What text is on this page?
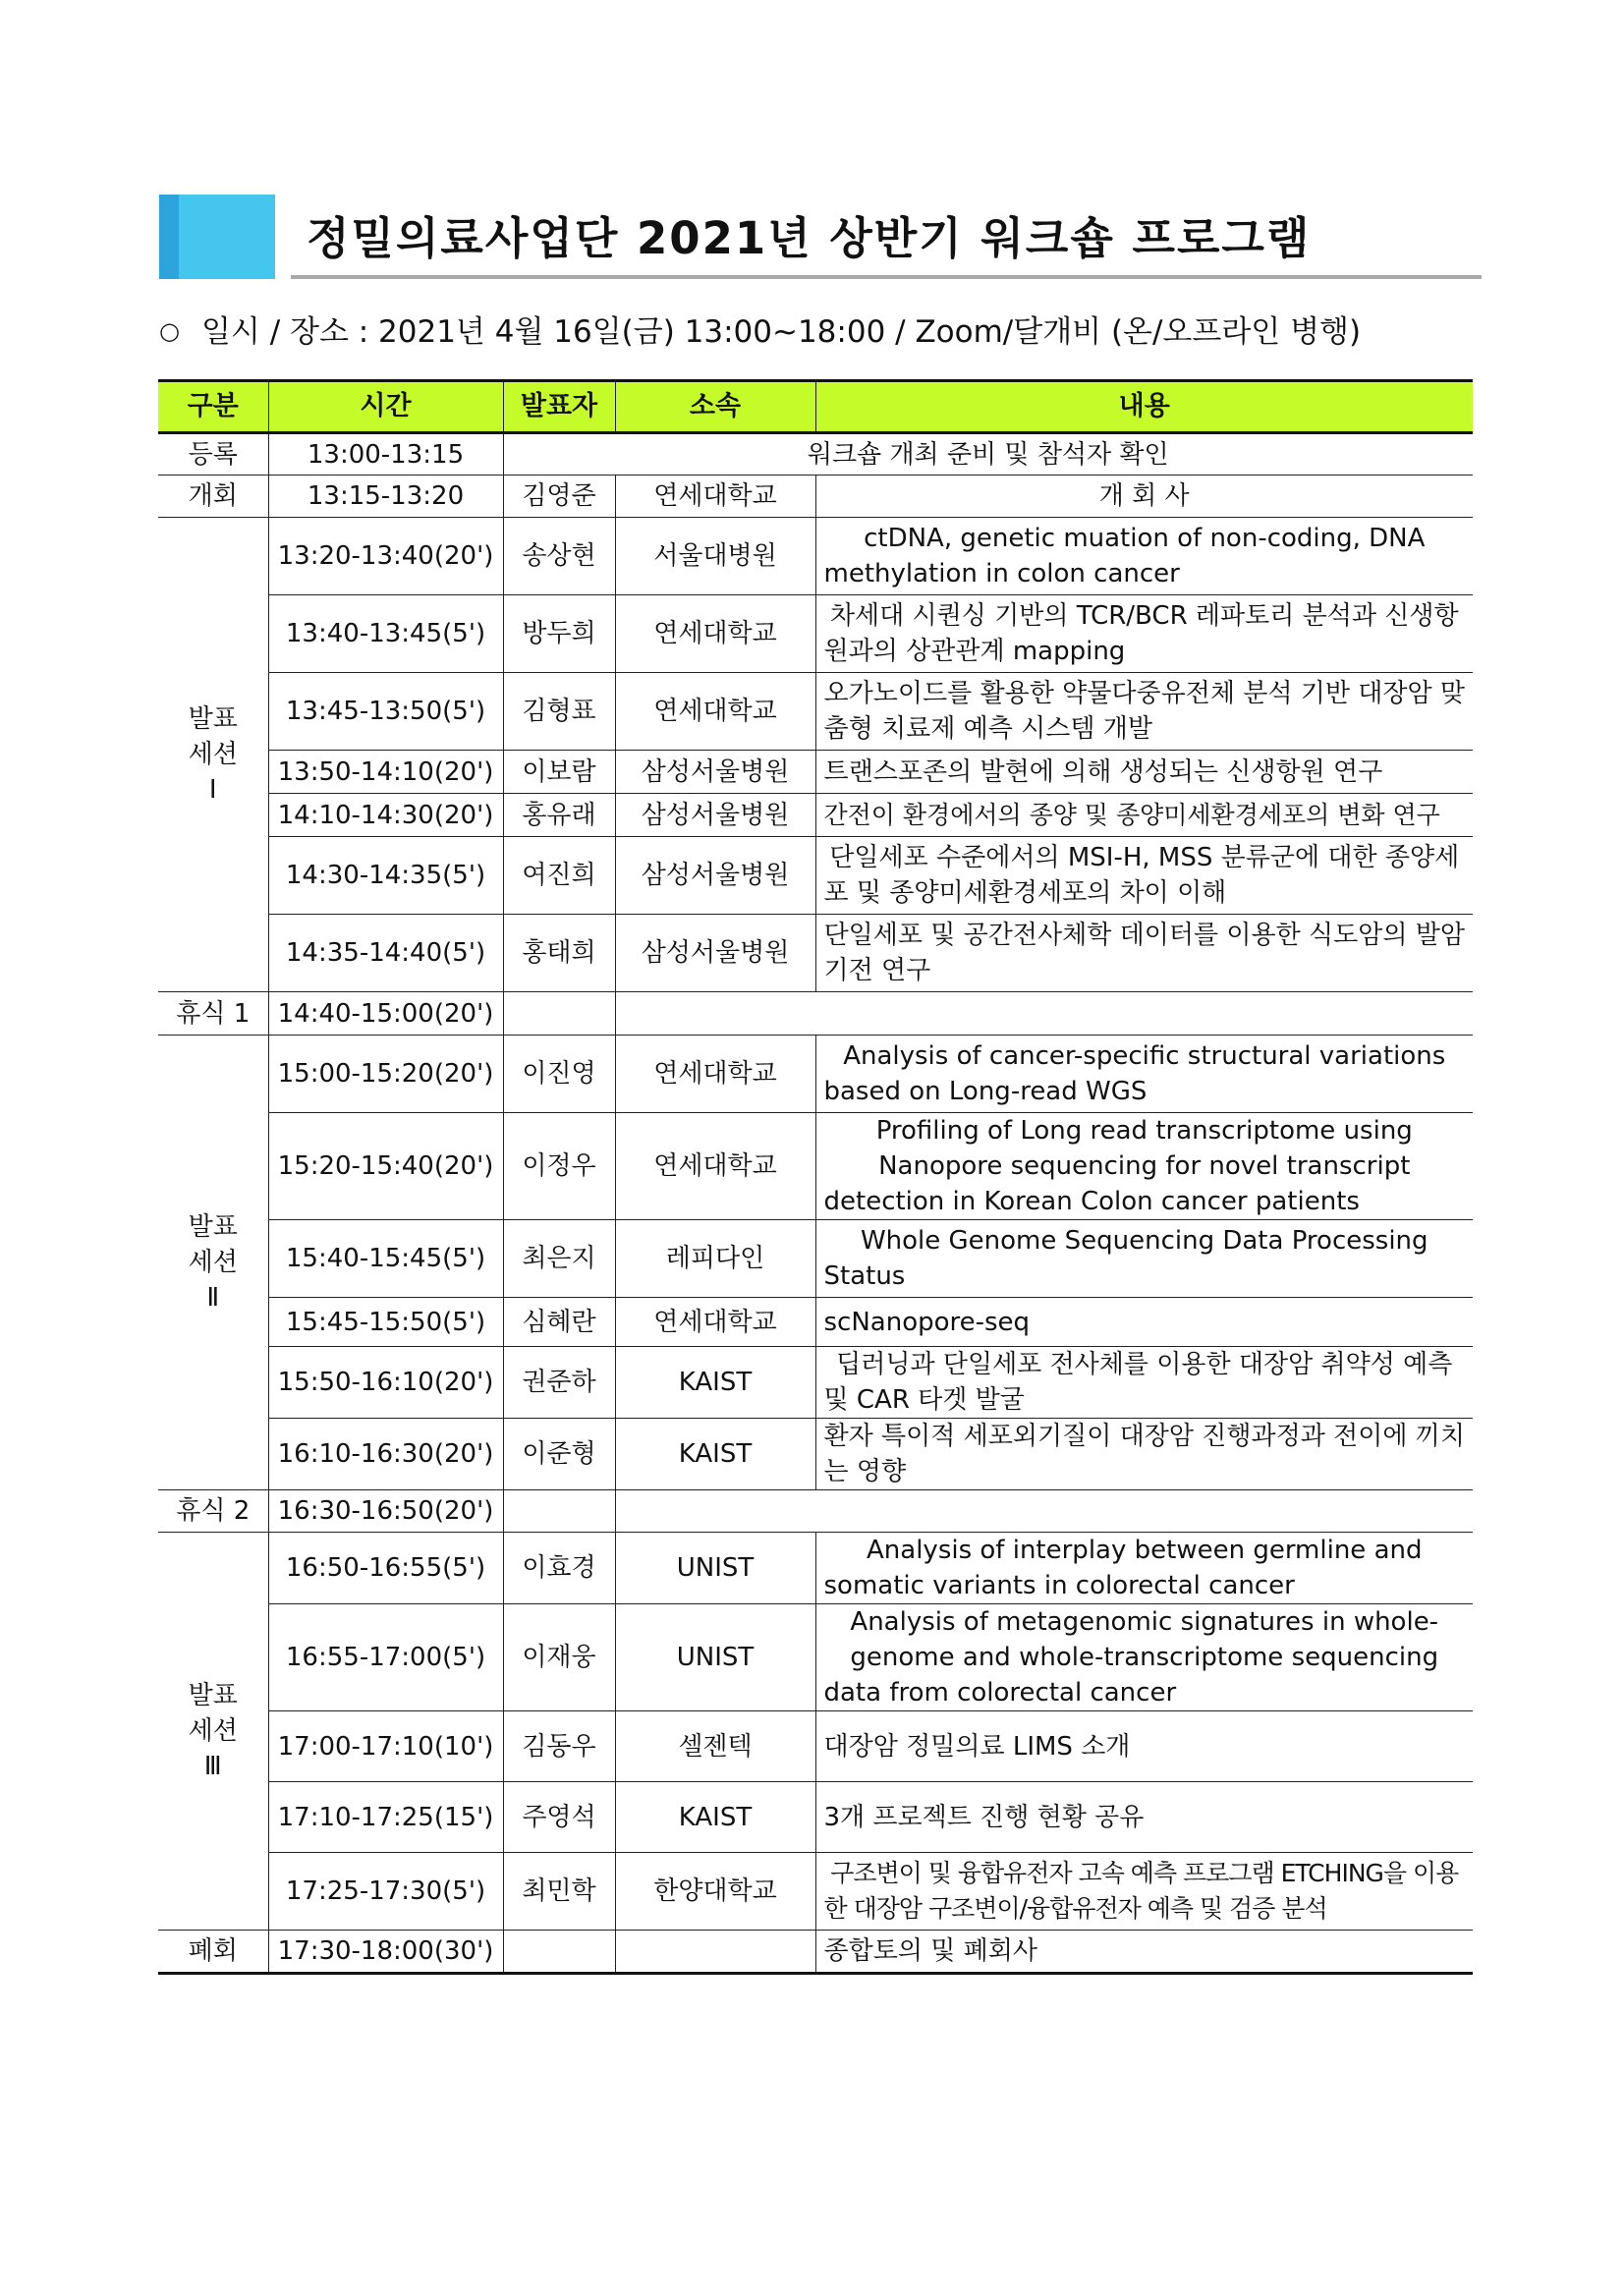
정밀의료사업단 2021년 상반기 워크숍 프로그램
○ 일시 / 장소 : 2021년 4월 16일(금) 13:00~18:00 / Zoom/달개비 (온/오프라인 병행)
구분	시간	발표자	소속	내용
등록	13:00-13:15	워크숍 개최 준비 및 참석자 확인		
개회	13:15-13:20	김영준	연세대학교	개 회 사
발표
세션
Ⅰ	13:20-13:40(20')	송상현	서울대병원	ctDNA, genetic muation of non-coding, DNA methylation in colon cancer
	13:40-13:45(5')	방두희	연세대학교	차세대 시퀀싱 기반의 TCR/BCR 레파토리 분석과 신생항원과의 상관관계 mapping
	13:45-13:50(5')	김형표	연세대학교	오가노이드를 활용한 약물다중유전체 분석 기반 대장암 맞춤형 치료제 예측 시스템 개발
	13:50-14:10(20')	이보람	삼성서울병원	트랜스포존의 발현에 의해 생성되는 신생항원 연구
	14:10-14:30(20')	홍유래	삼성서울병원	간전이 환경에서의 종양 및 종양미세환경세포의 변화 연구
	14:30-14:35(5')	여진희	삼성서울병원	단일세포 수준에서의 MSI-H, MSS 분류군에 대한 종양세포 및 종양미세환경세포의 차이 이해
	14:35-14:40(5')	홍태희	삼성서울병원	단일세포 및 공간전사체학 데이터를 이용한 식도암의 발암 기전 연구
휴식 1	14:40-15:00(20')			
발표
세션
Ⅱ	15:00-15:20(20')	이진영	연세대학교	Analysis of cancer-specific structural variations based on Long-read WGS
	15:20-15:40(20')	이정우	연세대학교	Profiling of Long read transcriptome using Nanopore sequencing for novel transcript detection in Korean Colon cancer patients
	15:40-15:45(5')	최은지	레피다인	Whole Genome Sequencing Data Processing Status
	15:45-15:50(5')	심혜란	연세대학교	scNanopore-seq
	15:50-16:10(20')	권준하	KAIST	딥러닝과 단일세포 전사체를 이용한 대장암 취약성 예측 및 CAR 타겟 발굴
	16:10-16:30(20')	이준형	KAIST	환자 특이적 세포외기질이 대장암 진행과정과 전이에 끼치는 영향
휴식 2	16:30-16:50(20')			
발표
세션
Ⅲ	16:50-16:55(5')	이효경	UNIST	Analysis of interplay between germline and somatic variants in colorectal cancer
	16:55-17:00(5')	이재웅	UNIST	Analysis of metagenomic signatures in whole-genome and whole-transcriptome sequencing data from colorectal cancer
	17:00-17:10(10')	김동우	셀젠텍	대장암 정밀의료 LIMS 소개
	17:10-17:25(15')	주영석	KAIST	3개 프로젝트 진행 현황 공유
	17:25-17:30(5')	최민학	한양대학교	구조변이 및 융합유전자 고속 예측 프로그램 ETCHING을 이용한 대장암 구조변이/융합유전자 예측 및 검증 분석
폐회	17:30-18:00(30')			종합토의 및 폐회사
